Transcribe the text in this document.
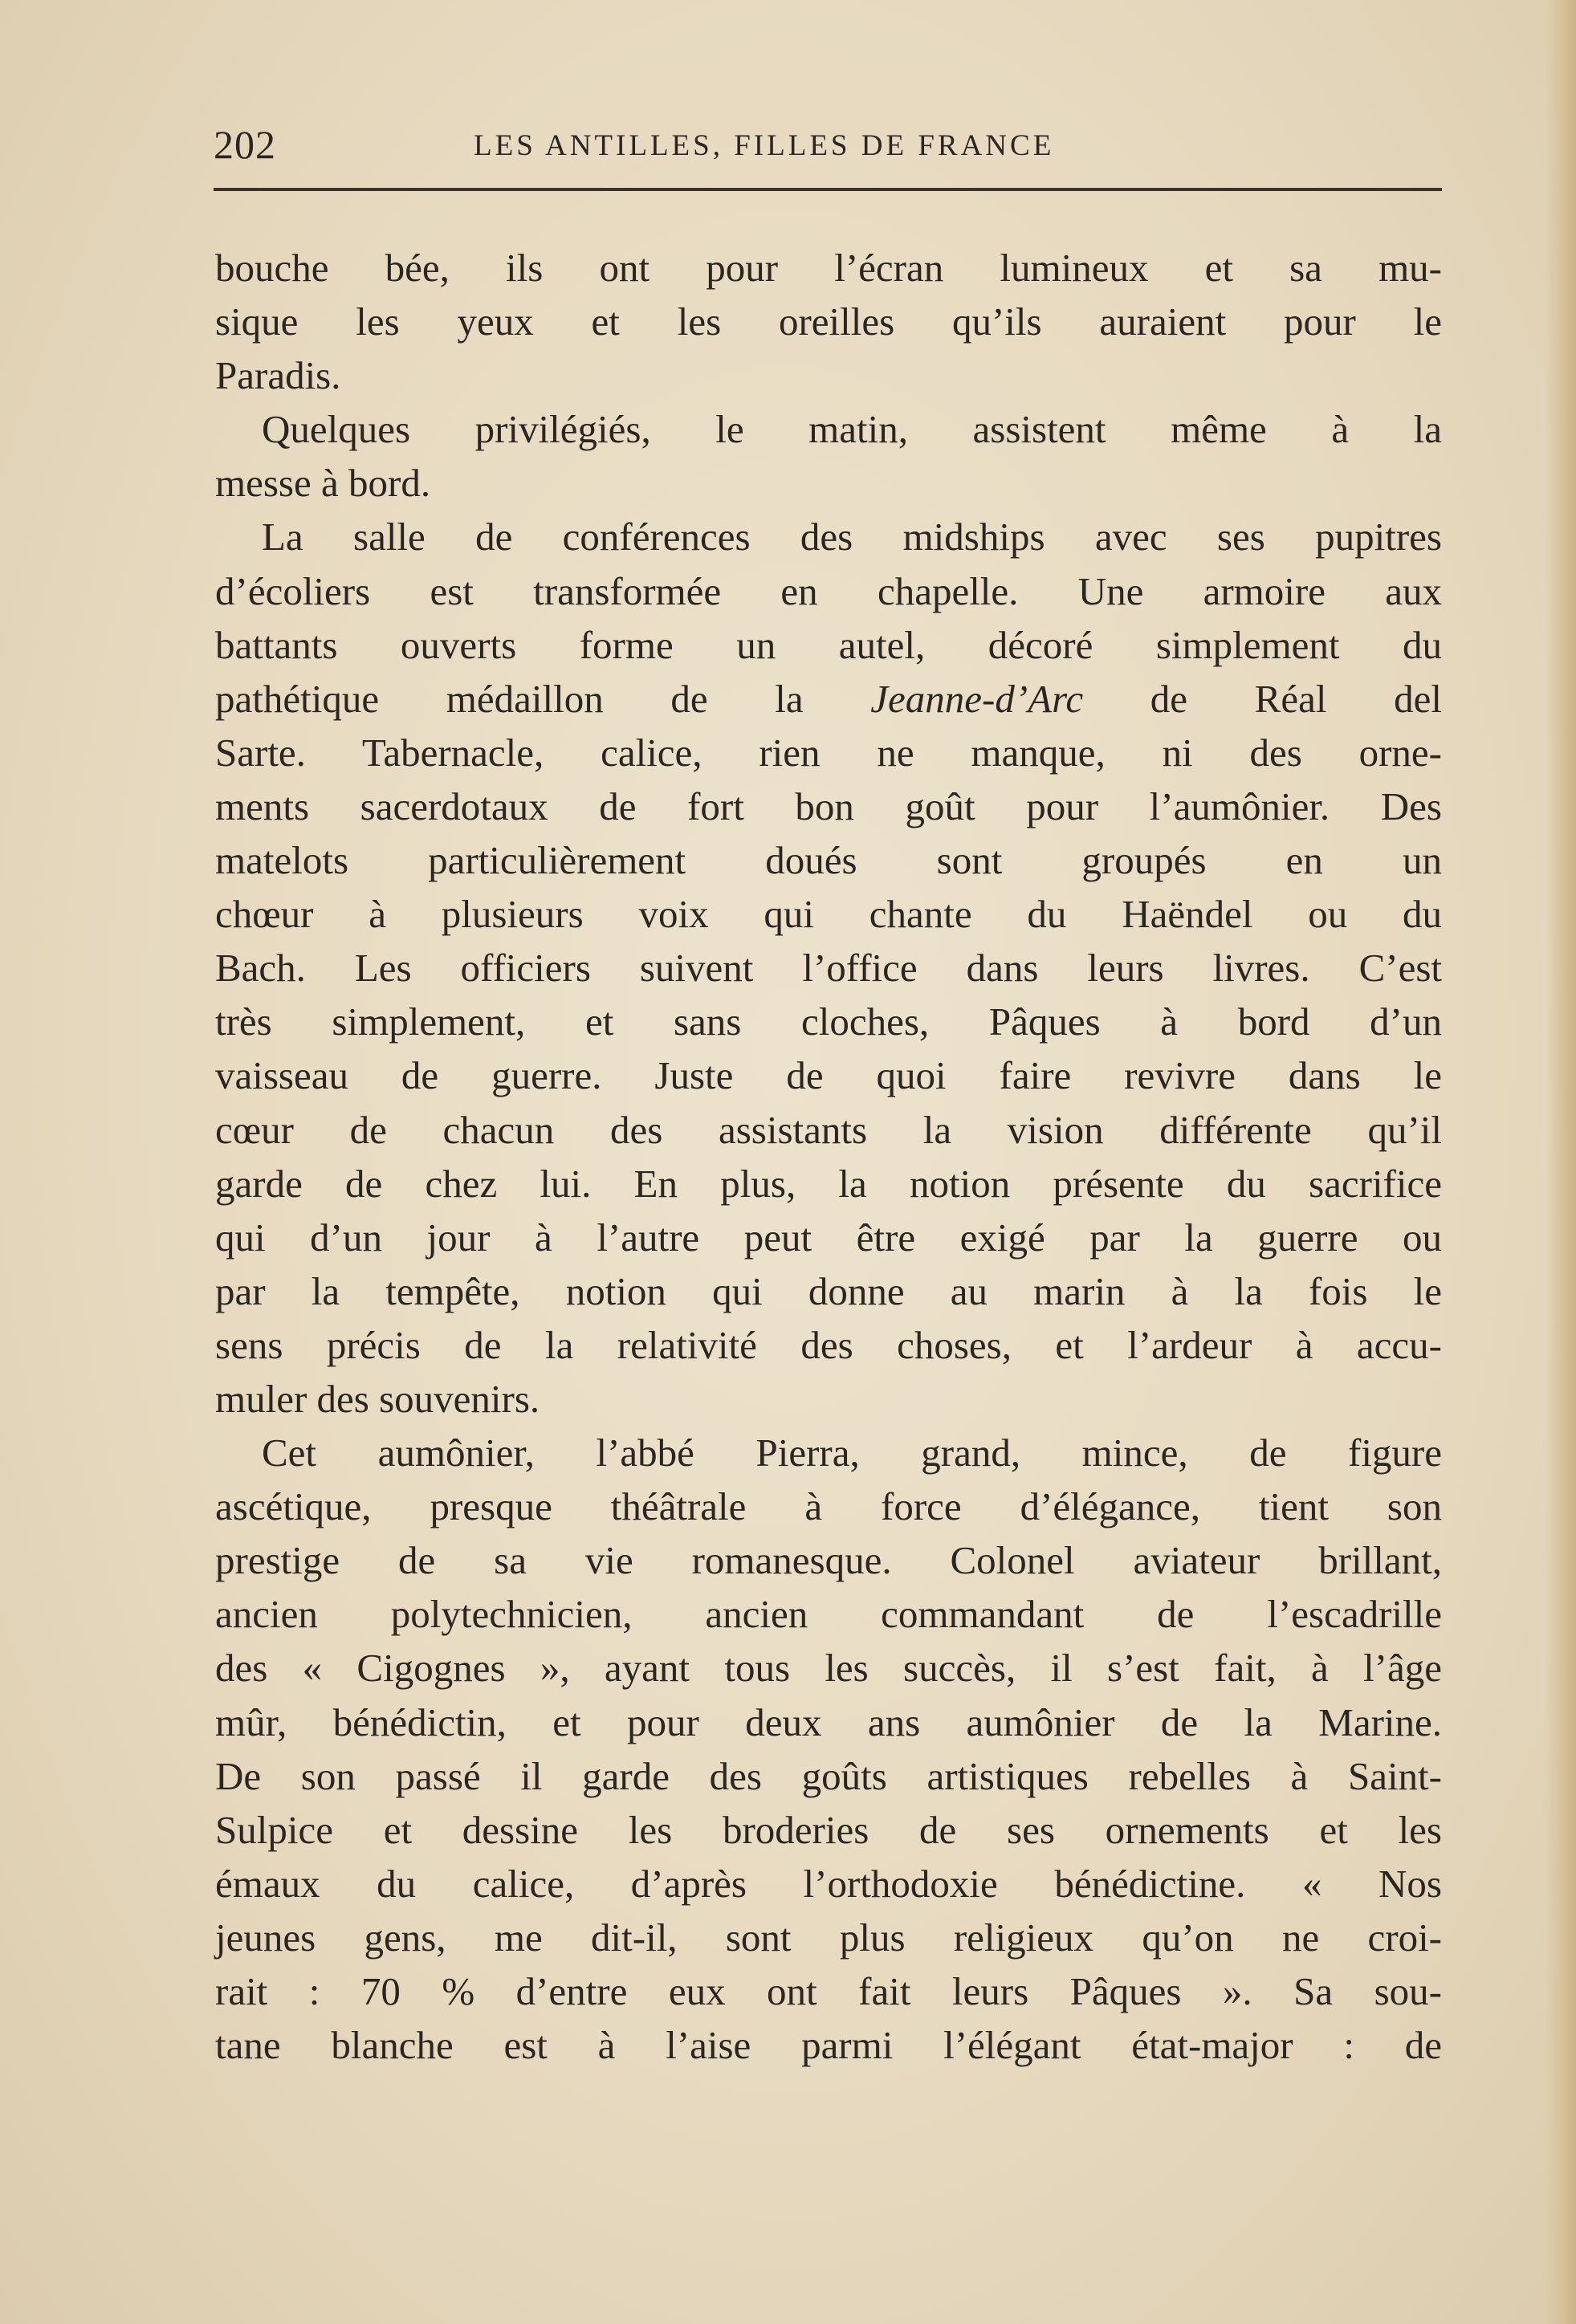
202	LES ANTILLES, FILLES DE FRANCE
bouche bée, ils ont pour l’écran lumineux et sa mu-
sique les yeux et les oreilles qu’ils auraient pour le
Paradis.
Quelques privilégiés, le matin, assistent même à la
messe à bord.
La salle de conférences des midships avec ses pupitres
d’écoliers est transformée en chapelle. Une armoire aux
battants ouverts forme un autel, décoré simplement du
pathétique médaillon de la Jeanne-d’Arc de Réal del
Sarte. Tabernacle, calice, rien ne manque, ni des orne-
ments sacerdotaux de fort bon goût pour l’aumônier. Des
matelots particulièrement doués sont groupés en un
chœur à plusieurs voix qui chante du Haëndel ou du
Bach. Les officiers suivent l’office dans leurs livres. C’est
très simplement, et sans cloches, Pâques à bord d’un
vaisseau de guerre. Juste de quoi faire revivre dans le
cœur de chacun des assistants la vision différente qu’il
garde de chez lui. En plus, la notion présente du sacrifice
qui d’un jour à l’autre peut être exigé par la guerre ou
par la tempête, notion qui donne au marin à la fois le
sens précis de la relativité des choses, et l’ardeur à accu-
muler des souvenirs.
Cet aumônier, l’abbé Pierra, grand, mince, de figure
ascétique, presque théâtrale à force d’élégance, tient son
prestige de sa vie romanesque. Colonel aviateur brillant,
ancien polytechnicien, ancien commandant de l’escadrille
des « Cigognes », ayant tous les succès, il s’est fait, à l’âge
mûr, bénédictin, et pour deux ans aumônier de la Marine.
De son passé il garde des goûts artistiques rebelles à Saint-
Sulpice et dessine les broderies de ses ornements et les
émaux du calice, d’après l’orthodoxie bénédictine. « Nos
jeunes gens, me dit-il, sont plus religieux qu’on ne croi-
rait : 70 % d’entre eux ont fait leurs Pâques ». Sa sou-
tane blanche est à l’aise parmi l’élégant état-major : de
